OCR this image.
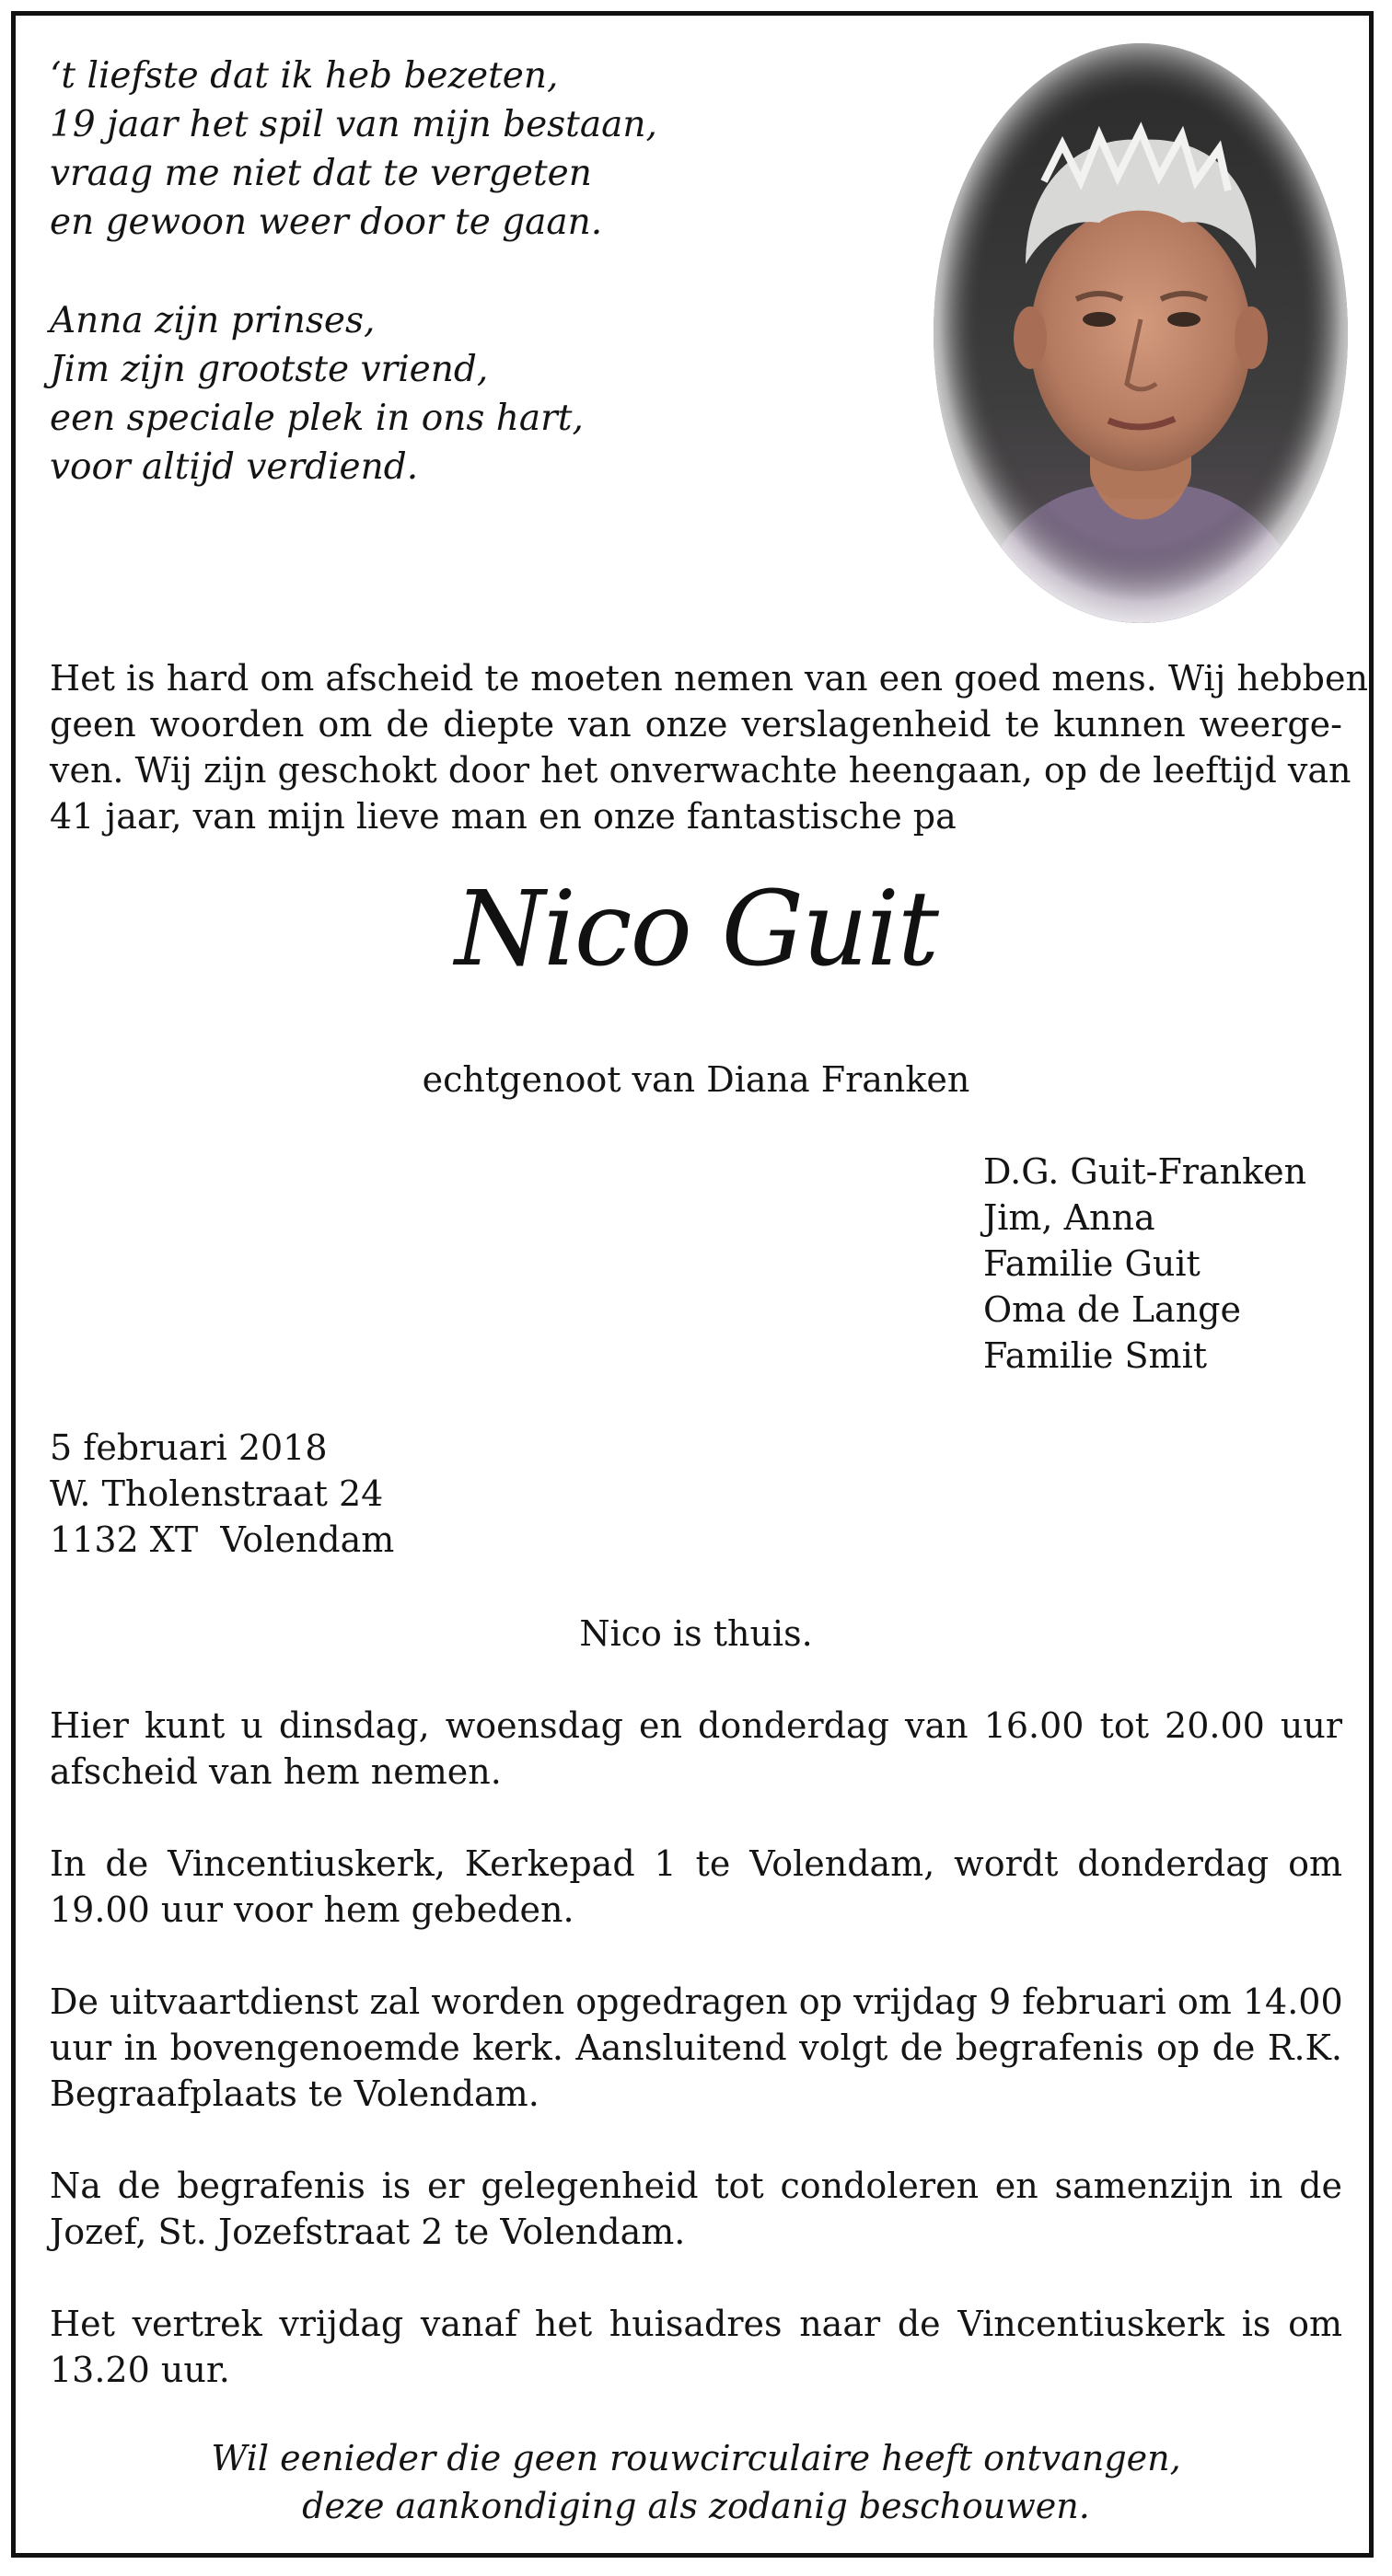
‘t liefste dat ik heb bezeten,
19 jaar het spil van mijn bestaan,
vraag me niet dat te vergeten
en gewoon weer door te gaan.
Anna zijn prinses,
Jim zijn grootste vriend,
een speciale plek in ons hart,
voor altijd verdiend.
Het is hard om afscheid te moeten nemen van een goed mens. Wij hebben
geen woorden om de diepte van onze verslagenheid te kunnen weerge-
ven. Wij zijn geschokt door het onverwachte heengaan, op de leeftijd van
41 jaar, van mijn lieve man en onze fantastische pa
Nico Guit
echtgenoot van Diana Franken
D.G. Guit-Franken
Jim, Anna
Familie Guit
Oma de Lange
Familie Smit
5 februari 2018
W. Tholenstraat 24
1132 XT  Volendam
Nico is thuis.
Hier kunt u dinsdag, woensdag en donderdag van 16.00 tot 20.00 uur
afscheid van hem nemen.
In de Vincentiuskerk, Kerkepad 1 te Volendam, wordt donderdag om
19.00 uur voor hem gebeden.
De uitvaartdienst zal worden opgedragen op vrijdag 9 februari om 14.00
uur in bovengenoemde kerk. Aansluitend volgt de begrafenis op de R.K.
Begraafplaats te Volendam.
Na de begrafenis is er gelegenheid tot condoleren en samenzijn in de
Jozef, St. Jozefstraat 2 te Volendam.
Het vertrek vrijdag vanaf het huisadres naar de Vincentiuskerk is om
13.20 uur.
Wil eenieder die geen rouwcirculaire heeft ontvangen,
deze aankondiging als zodanig beschouwen.
